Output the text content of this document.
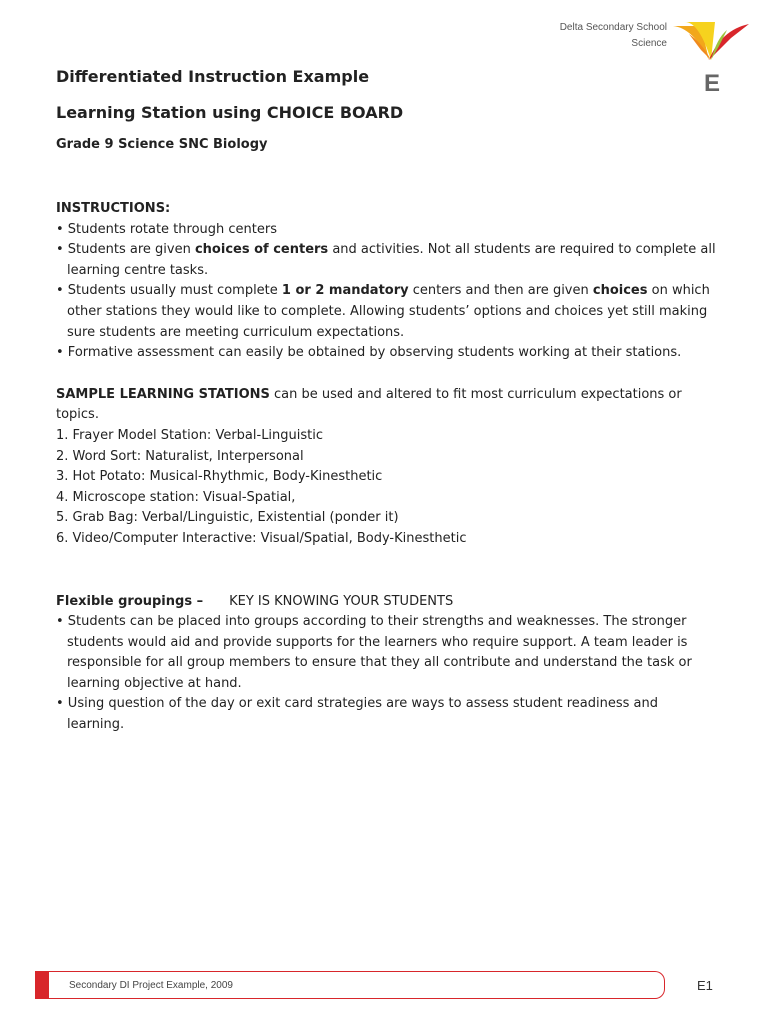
Delta Secondary School
Science
E
Differentiated Instruction Example
Learning Station using CHOICE BOARD
Grade 9 Science SNC Biology

INSTRUCTIONS:

• Students rotate through centers

• Students are given choices of centers and activities. Not all students are required to complete all learning centre tasks.

• Students usually must complete 1 or 2 mandatory centers and then are given choices on which other stations they would like to complete. Allowing students’ options and choices yet still making sure students are meeting curriculum expectations.

• Formative assessment can easily be obtained by observing students working at their stations.

SAMPLE LEARNING STATIONS can be used and altered to fit most curriculum expectations or topics.

1. Frayer Model Station: Verbal-Linguistic

2. Word Sort: Naturalist, Interpersonal

3. Hot Potato: Musical-Rhythmic, Body-Kinesthetic

4. Microscope station: Visual-Spatial,

5. Grab Bag: Verbal/Linguistic, Existential (ponder it)

6. Video/Computer Interactive: Visual/Spatial, Body-Kinesthetic

Flexible groupings – KEY IS KNOWING YOUR STUDENTS

• Students can be placed into groups according to their strengths and weaknesses. The stronger students would aid and provide supports for the learners who require support. A team leader is responsible for all group members to ensure that they all contribute and understand the task or learning objective at hand.

• Using question of the day or exit card strategies are ways to assess student readiness and learning.

Secondary DI Project Example, 2009	E1
